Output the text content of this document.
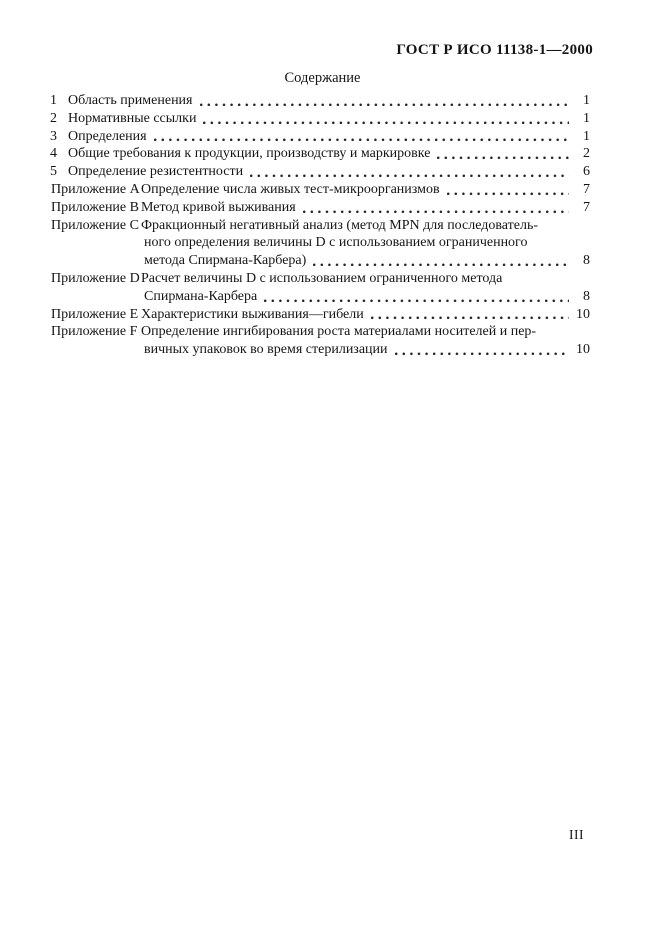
ГОСТ Р ИСО 11138-1—2000
Содержание
1 Область применения	1
2 Нормативные ссылки	1
3 Определения	1
4 Общие требования к продукции, производству и маркировке	2
5 Определение резистентности	6
Приложение A Определение числа живых тест-микроорганизмов	7
Приложение B Метод кривой выживания	7
Приложение C Фракционный негативный анализ (метод MPN для последователь-
ного определения величины D с использованием ограниченного
метода Спирмана-Карбера)	8
Приложение D Расчет величины D с использованием ограниченного метода
Спирмана-Карбера	8
Приложение E Характеристики выживания—гибели	10
Приложение F Определение ингибирования роста материалами носителей и пер-
вичных упаковок во время стерилизации	10
III
